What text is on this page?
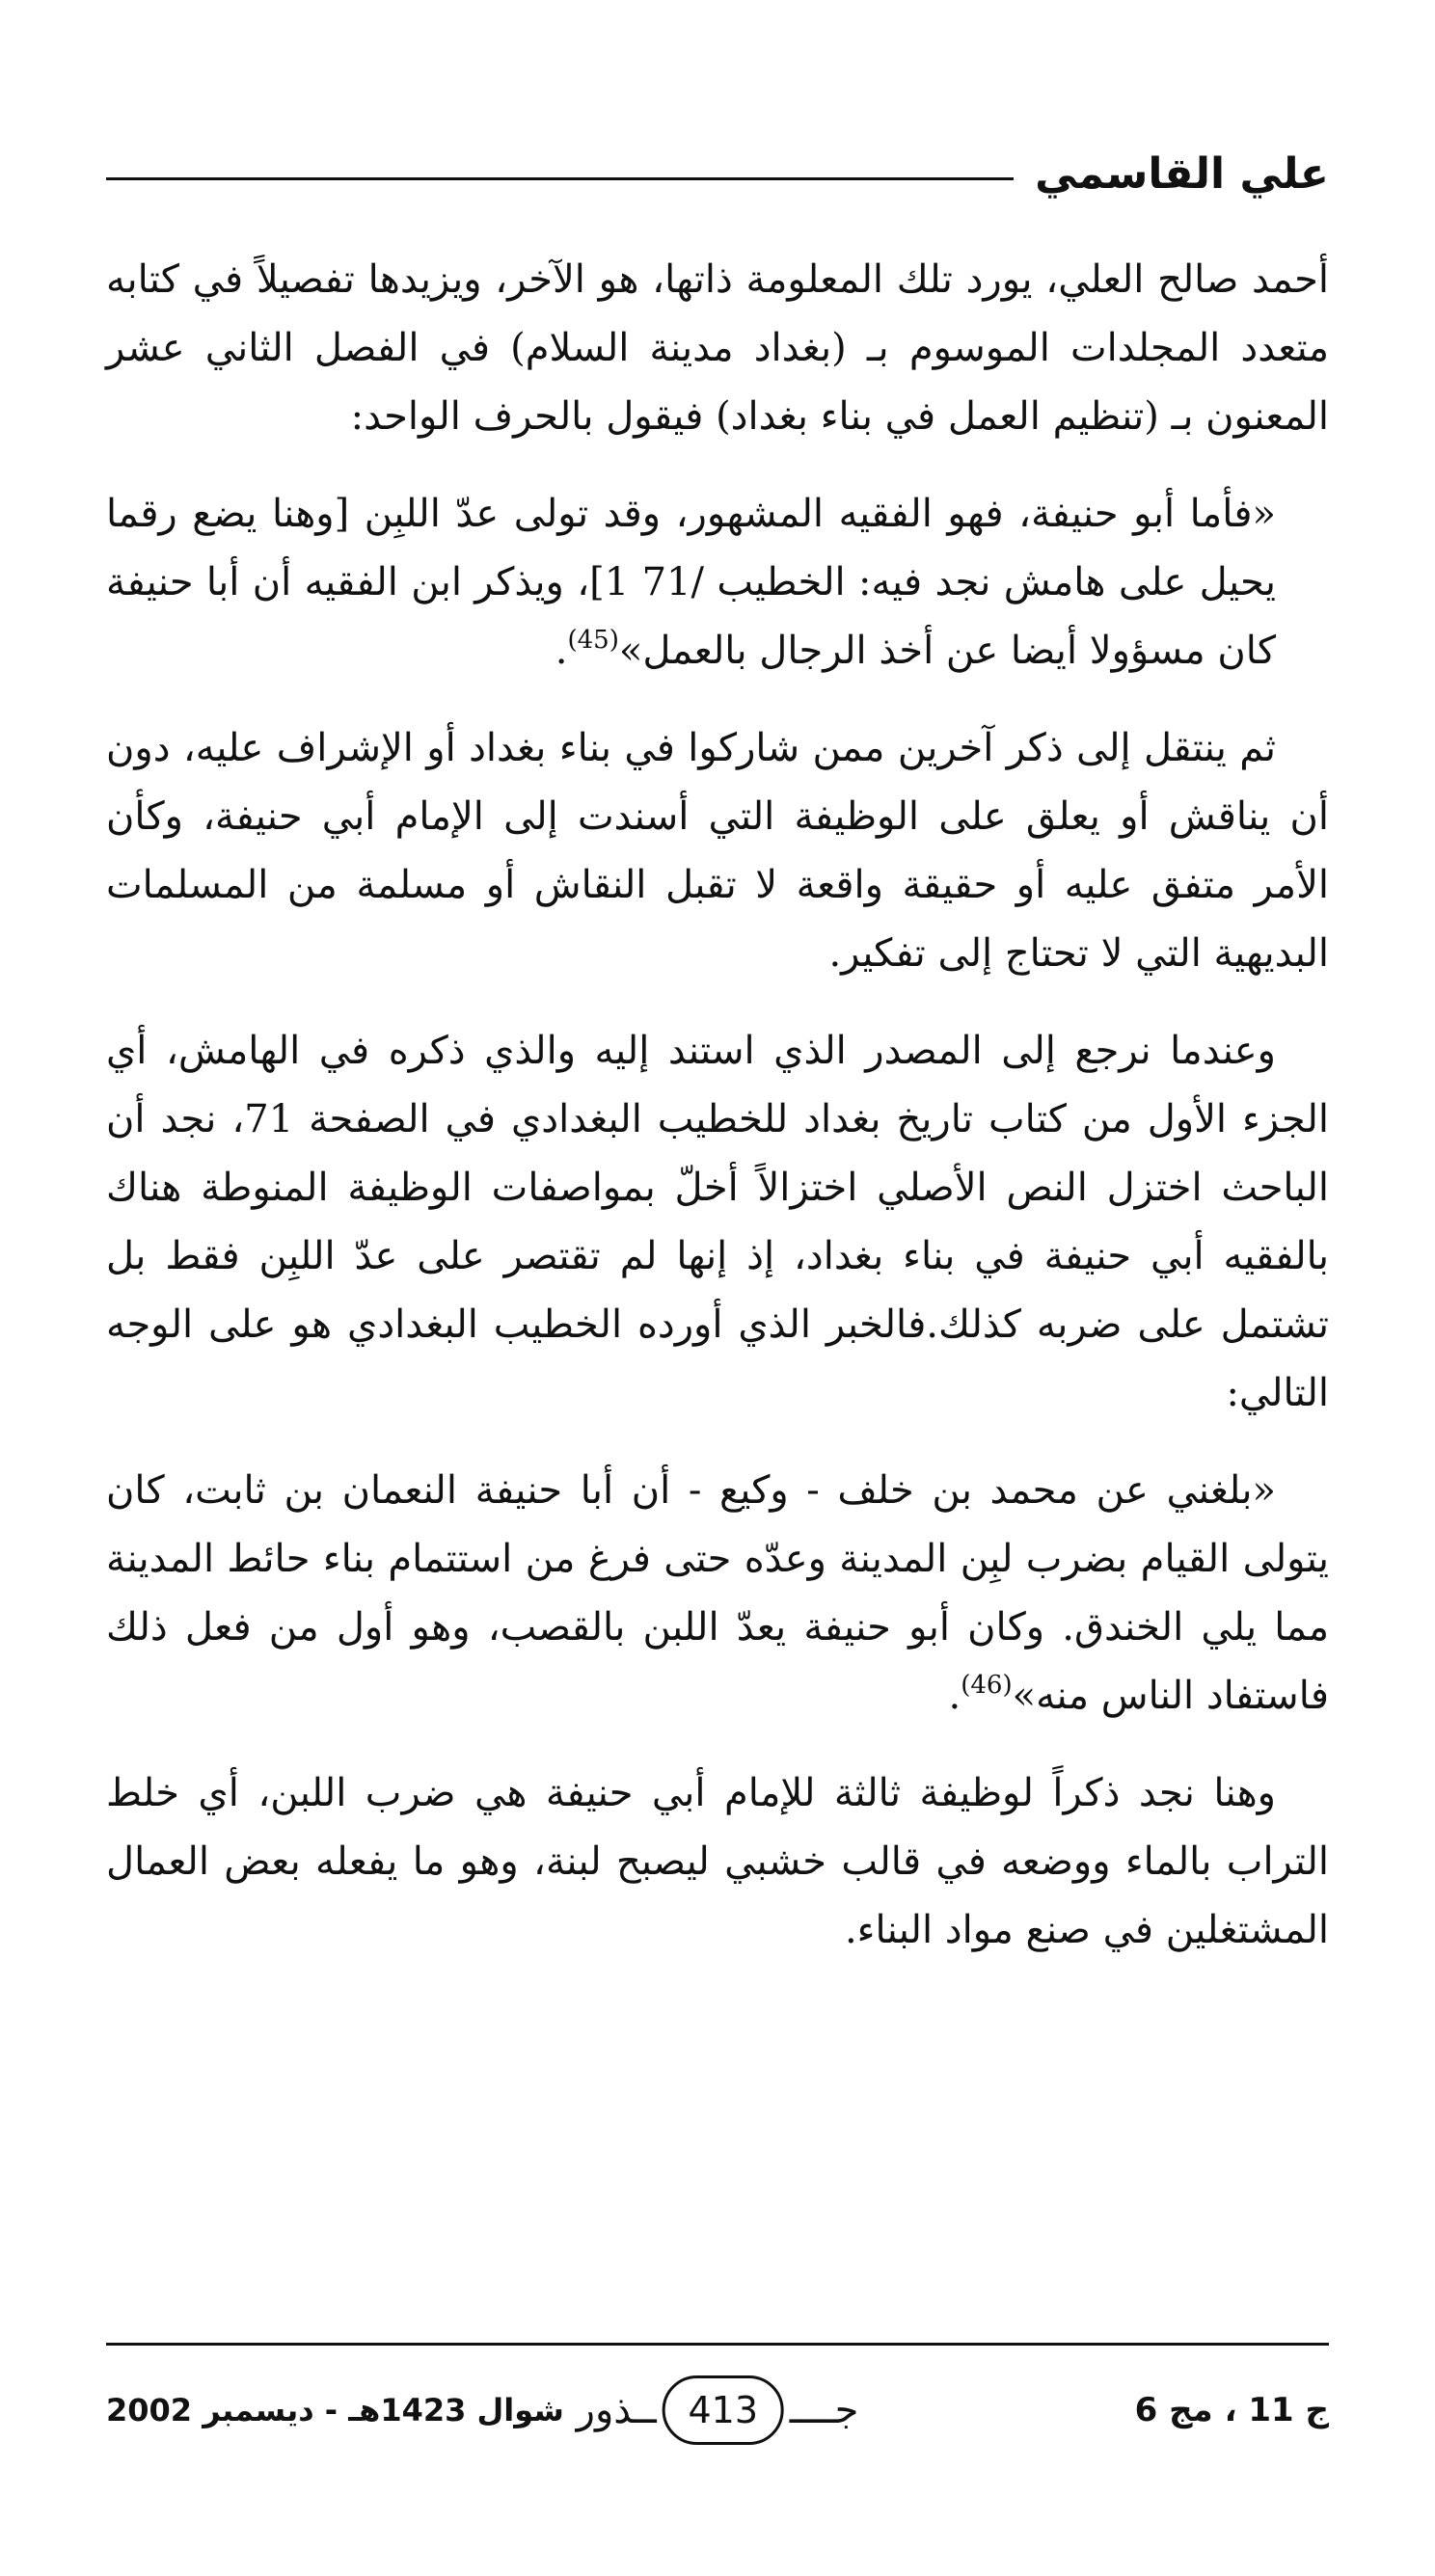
علي القاسمي

أحمد صالح العلي، يورد تلك المعلومة ذاتها، هو الآخر، ويزيدها تفصيلاً في كتابه متعدد المجلدات الموسوم بـ (بغداد مدينة السلام) في الفصل الثاني عشر المعنون بـ (تنظيم العمل في بناء بغداد) فيقول بالحرف الواحد:

«فأما أبو حنيفة، فهو الفقيه المشهور، وقد تولى عدّ اللبِن [وهنا يضع رقما يحيل على هامش نجد فيه: الخطيب /71 1]، ويذكر ابن الفقيه أن أبا حنيفة كان مسؤولا أيضا عن أخذ الرجال بالعمل»$^{(45)}$.

ثم ينتقل إلى ذكر آخرين ممن شاركوا في بناء بغداد أو الإشراف عليه، دون أن يناقش أو يعلق على الوظيفة التي أسندت إلى الإمام أبي حنيفة، وكأن الأمر متفق عليه أو حقيقة واقعة لا تقبل النقاش أو مسلمة من المسلمات البديهية التي لا تحتاج إلى تفكير.

وعندما نرجع إلى المصدر الذي استند إليه والذي ذكره في الهامش، أي الجزء الأول من كتاب تاريخ بغداد للخطيب البغدادي في الصفحة 71، نجد أن الباحث اختزل النص الأصلي اختزالاً أخلّ بمواصفات الوظيفة المنوطة هناك بالفقيه أبي حنيفة في بناء بغداد، إذ إنها لم تقتصر على عدّ اللبِن فقط بل تشتمل على ضربه كذلك.فالخبر الذي أورده الخطيب البغدادي هو على الوجه التالي:

«بلغني عن محمد بن خلف - وكيع - أن أبا حنيفة النعمان بن ثابت، كان يتولى القيام بضرب لبِن المدينة وعدّه حتى فرغ من استتمام بناء حائط المدينة مما يلي الخندق. وكان أبو حنيفة يعدّ اللبن بالقصب، وهو أول من فعل ذلك فاستفاد الناس منه»$^{(46)}$.

وهنا نجد ذكراً لوظيفة ثالثة للإمام أبي حنيفة هي ضرب اللبن، أي خلط التراب بالماء ووضعه في قالب خشبي ليصبح لبنة، وهو ما يفعله بعض العمال المشتغلين في صنع مواد البناء.

ج 11 ، مج 6
جــــ
413
ــذور
شوال 1423هـ - ديسمبر 2002
